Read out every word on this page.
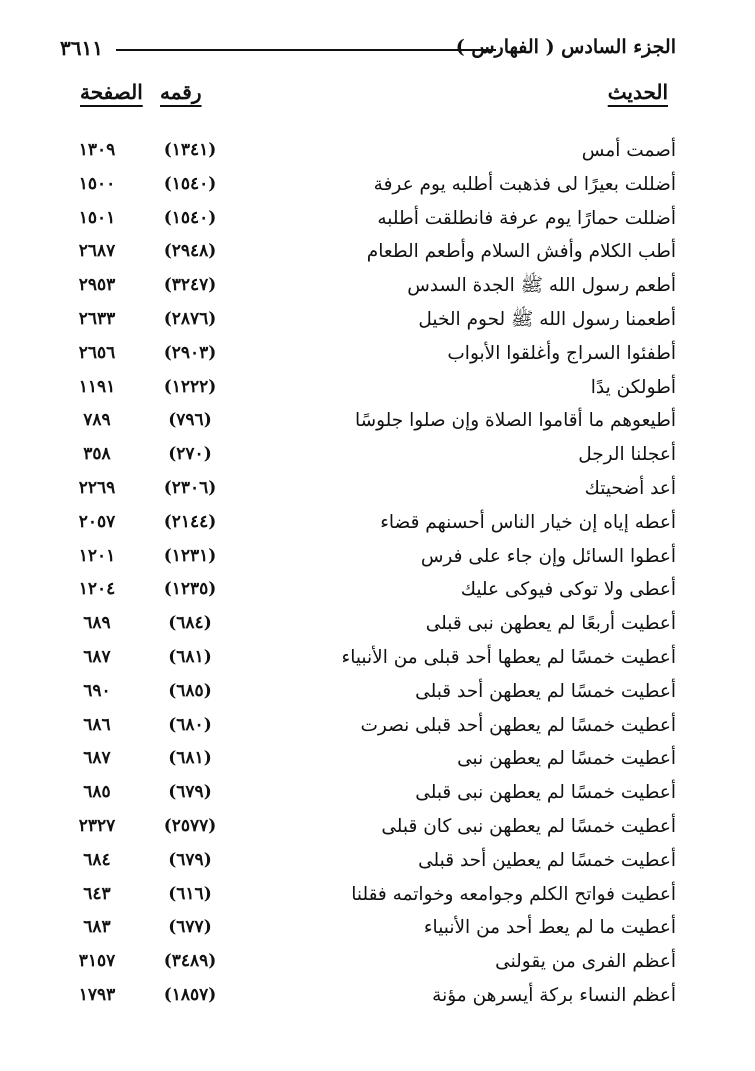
الجزء السادس ( الفهارس )
٣٦١١
الحديث
رقمه
الصفحة
أصمت أمس
(١٣٤١)
١٣٠٩
أضللت بعيرًا لى فذهبت أطلبه يوم عرفة
(١٥٤٠)
١٥٠٠
أضللت حمارًا يوم عرفة فانطلقت أطلبه
(١٥٤٠)
١٥٠١
أطب الكلام وأفش السلام وأطعم الطعام
(٢٩٤٨)
٢٦٨٧
أطعم رسول الله ﷺ الجدة السدس
(٣٢٤٧)
٢٩٥٣
أطعمنا رسول الله ﷺ لحوم الخيل
(٢٨٧٦)
٢٦٣٣
أطفئوا السراج وأغلقوا الأبواب
(٢٩٠٣)
٢٦٥٦
أطولكن يدًا
(١٢٢٢)
١١٩١
أطيعوهم ما أقاموا الصلاة وإن صلوا جلوسًا
(٧٩٦)
٧٨٩
أعجلنا الرجل
(٢٧٠)
٣٥٨
أعد أضحيتك
(٢٣٠٦)
٢٢٦٩
أعطه إياه إن خيار الناس أحسنهم قضاء
(٢١٤٤)
٢٠٥٧
أعطوا السائل وإن جاء على فرس
(١٢٣١)
١٢٠١
أعطى ولا توكى فيوكى عليك
(١٢٣٥)
١٢٠٤
أعطيت أربعًا لم يعطهن نبى قبلى
(٦٨٤)
٦٨٩
أعطيت خمسًا لم يعطها أحد قبلى من الأنبياء
(٦٨١)
٦٨٧
أعطيت خمسًا لم يعطهن أحد قبلى
(٦٨٥)
٦٩٠
أعطيت خمسًا لم يعطهن أحد قبلى نصرت
(٦٨٠)
٦٨٦
أعطيت خمسًا لم يعطهن نبى
(٦٨١)
٦٨٧
أعطيت خمسًا لم يعطهن نبى قبلى
(٦٧٩)
٦٨٥
أعطيت خمسًا لم يعطهن نبى كان قبلى
(٢٥٧٧)
٢٣٢٧
أعطيت خمسًا لم يعطين أحد قبلى
(٦٧٩)
٦٨٤
أعطيت فواتح الكلم وجوامعه وخواتمه فقلنا
(٦١٦)
٦٤٣
أعطيت ما لم يعط أحد من الأنبياء
(٦٧٧)
٦٨٣
أعظم الفرى من يقولنى
(٣٤٨٩)
٣١٥٧
أعظم النساء بركة أيسرهن مؤنة
(١٨٥٧)
١٧٩٣
